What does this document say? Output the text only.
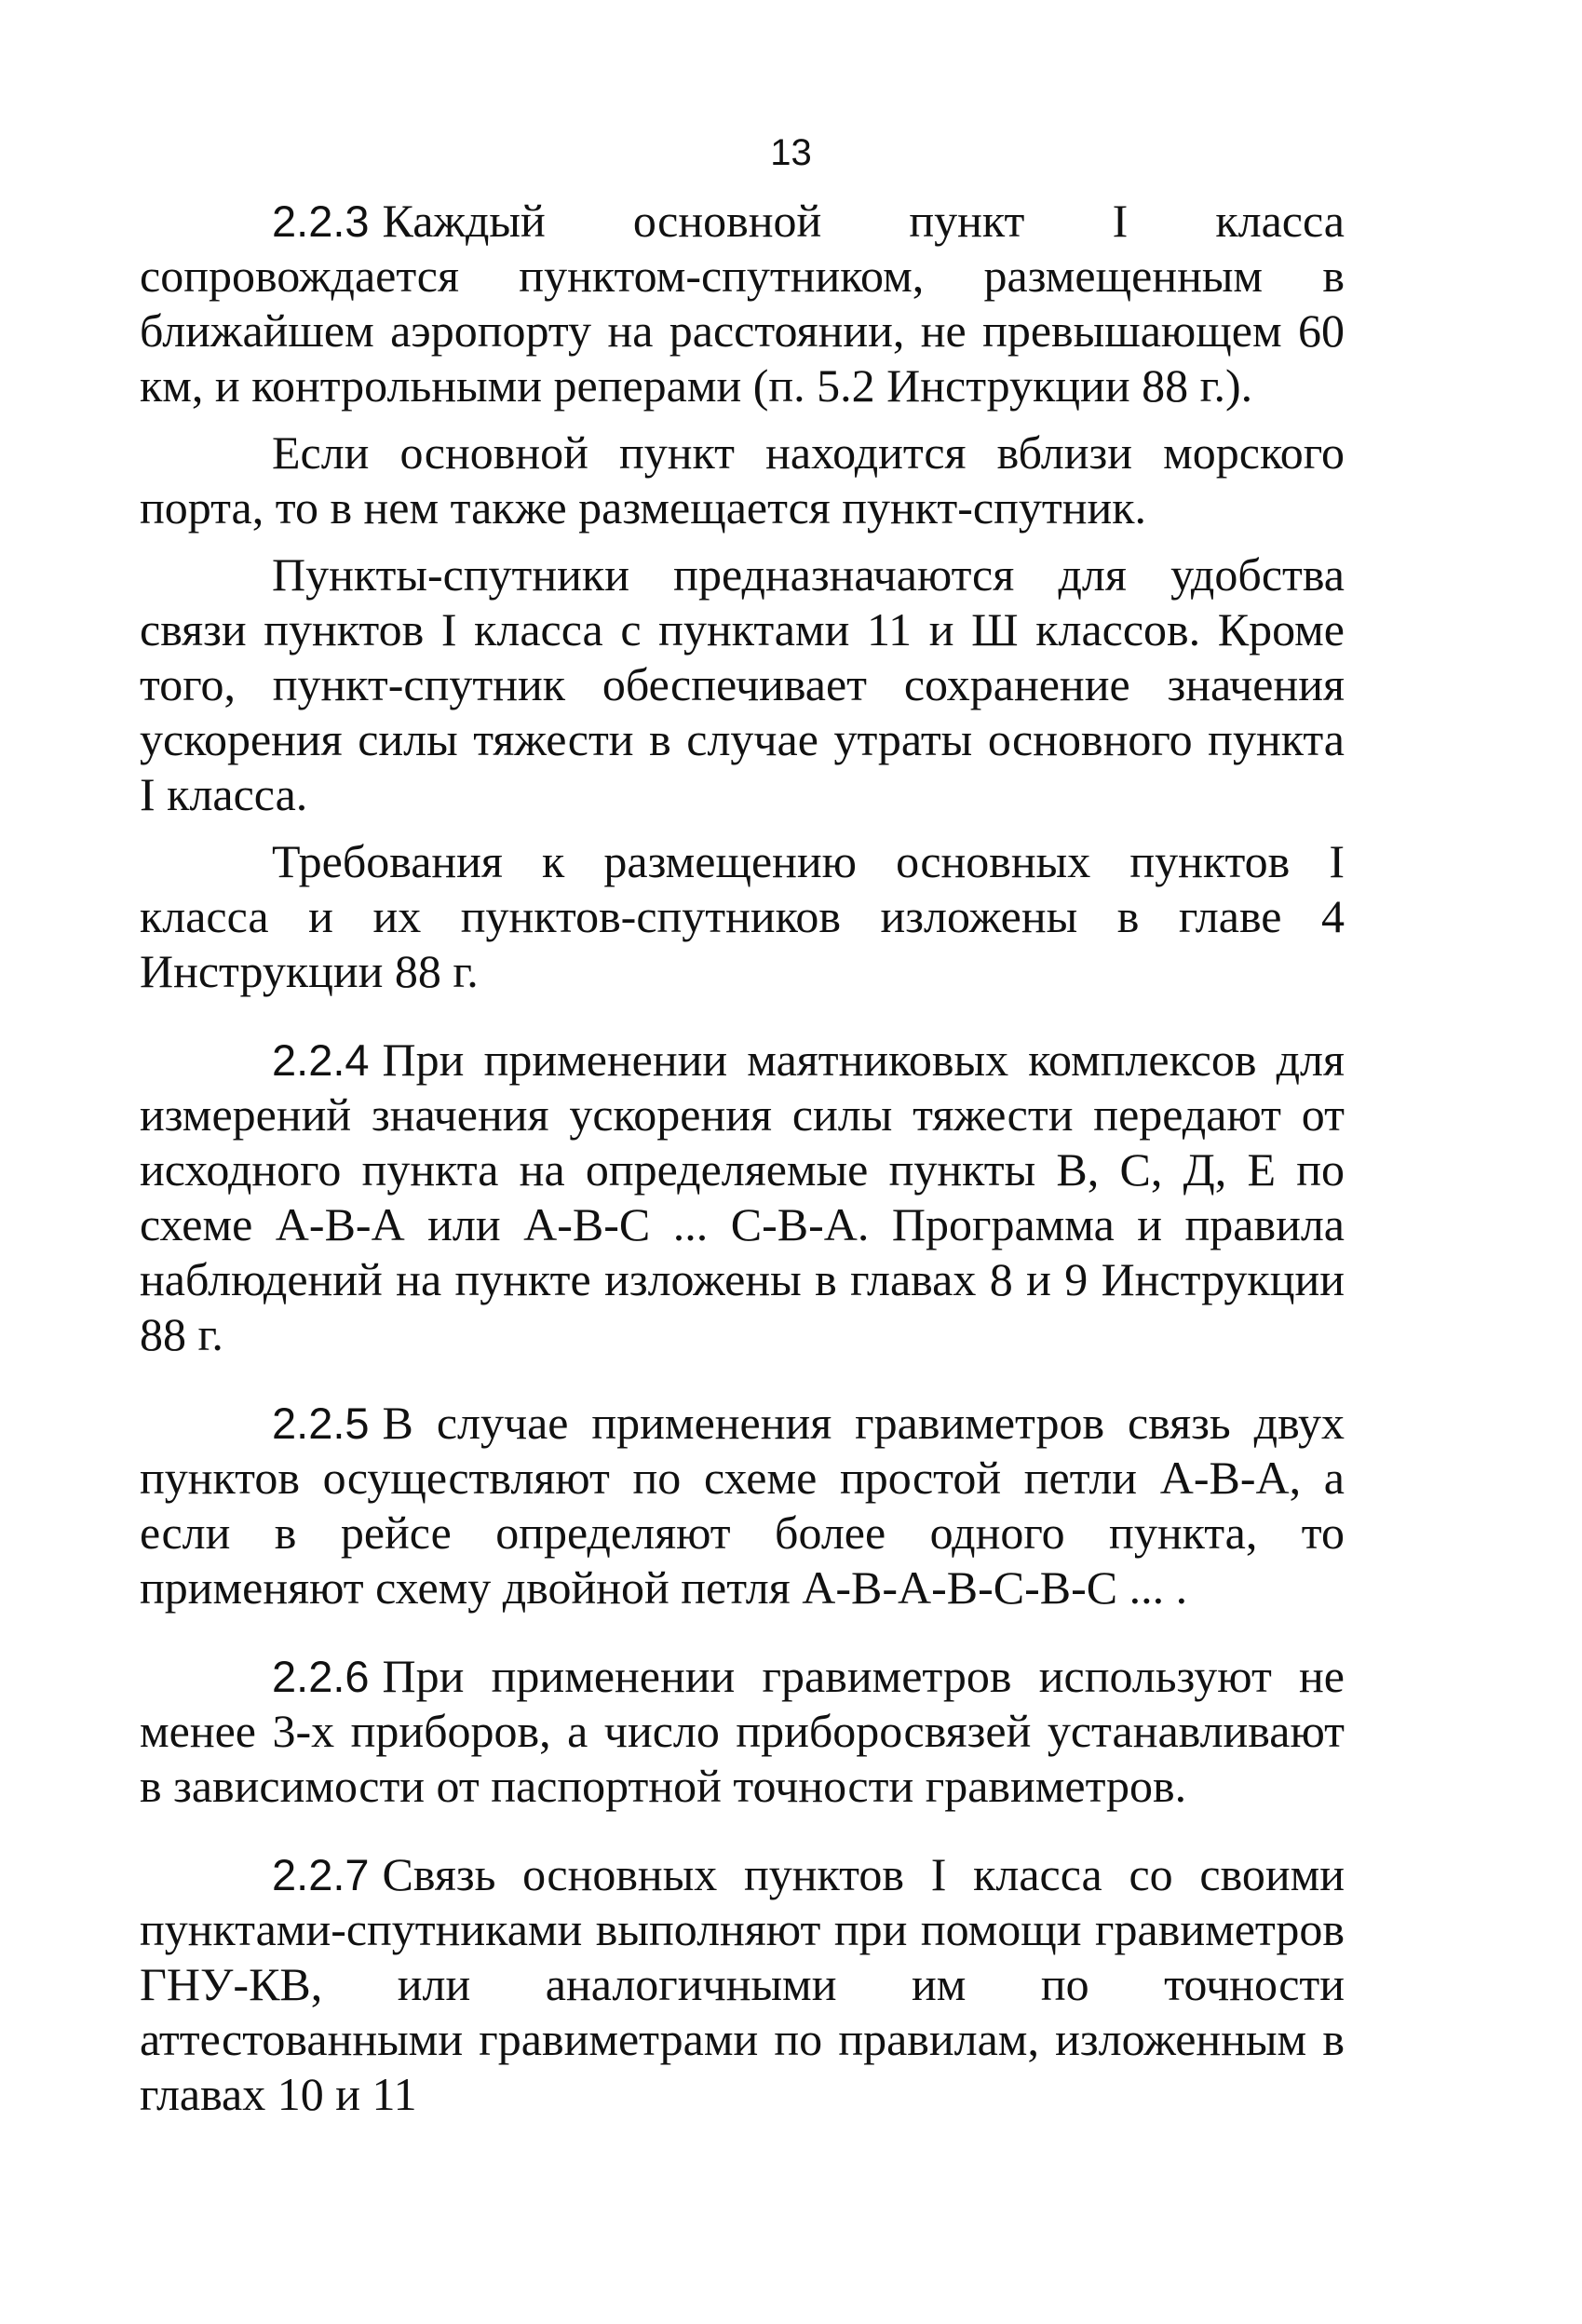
13

2.2.3 Каждый основной пункт I класса сопровождается пунктом-спутником, размещенным в ближайшем аэропорту на расстоянии, не превышающем 60 км, и контрольными реперами (п. 5.2 Инструкции 88 г.).

Если основной пункт находится вблизи морского порта, то в нем также размещается пункт-спутник.

Пункты-спутники предназначаются для удобства связи пунктов I класса с пунктами 11 и Ш классов. Кроме того, пункт-спутник обеспечивает сохранение значения ускорения силы тяжести в случае утраты основного пункта I класса.

Требования к размещению основных пунктов I класса и их пунктов-спутников изложены в главе 4 Инструкции 88 г.

2.2.4 При применении маятниковых комплексов для измерений значения ускорения силы тяжести передают от исходного пункта на определяемые пункты В, С, Д, Е по схеме А-В-А или А-В-С ... С-В-А. Программа и правила наблюдений на пункте изложены в главах 8 и 9 Инструкции 88 г.

2.2.5 В случае применения гравиметров связь двух пунктов осуществляют по схеме простой петли А-В-А, а если в рейсе определяют более одного пункта, то применяют схему двойной петля А-В-А-В-С-В-С ... .

2.2.6 При применении гравиметров используют не менее 3-х приборов, а число приборосвязей устанавливают в зависимости от паспортной точности гравиметров.

2.2.7 Связь основных пунктов I класса со своими пунктами-спутниками выполняют при помощи гравиметров ГНУ-КВ, или аналогичными им по точности аттестованными гравиметрами по правилам, изложенным в главах 10 и 11
